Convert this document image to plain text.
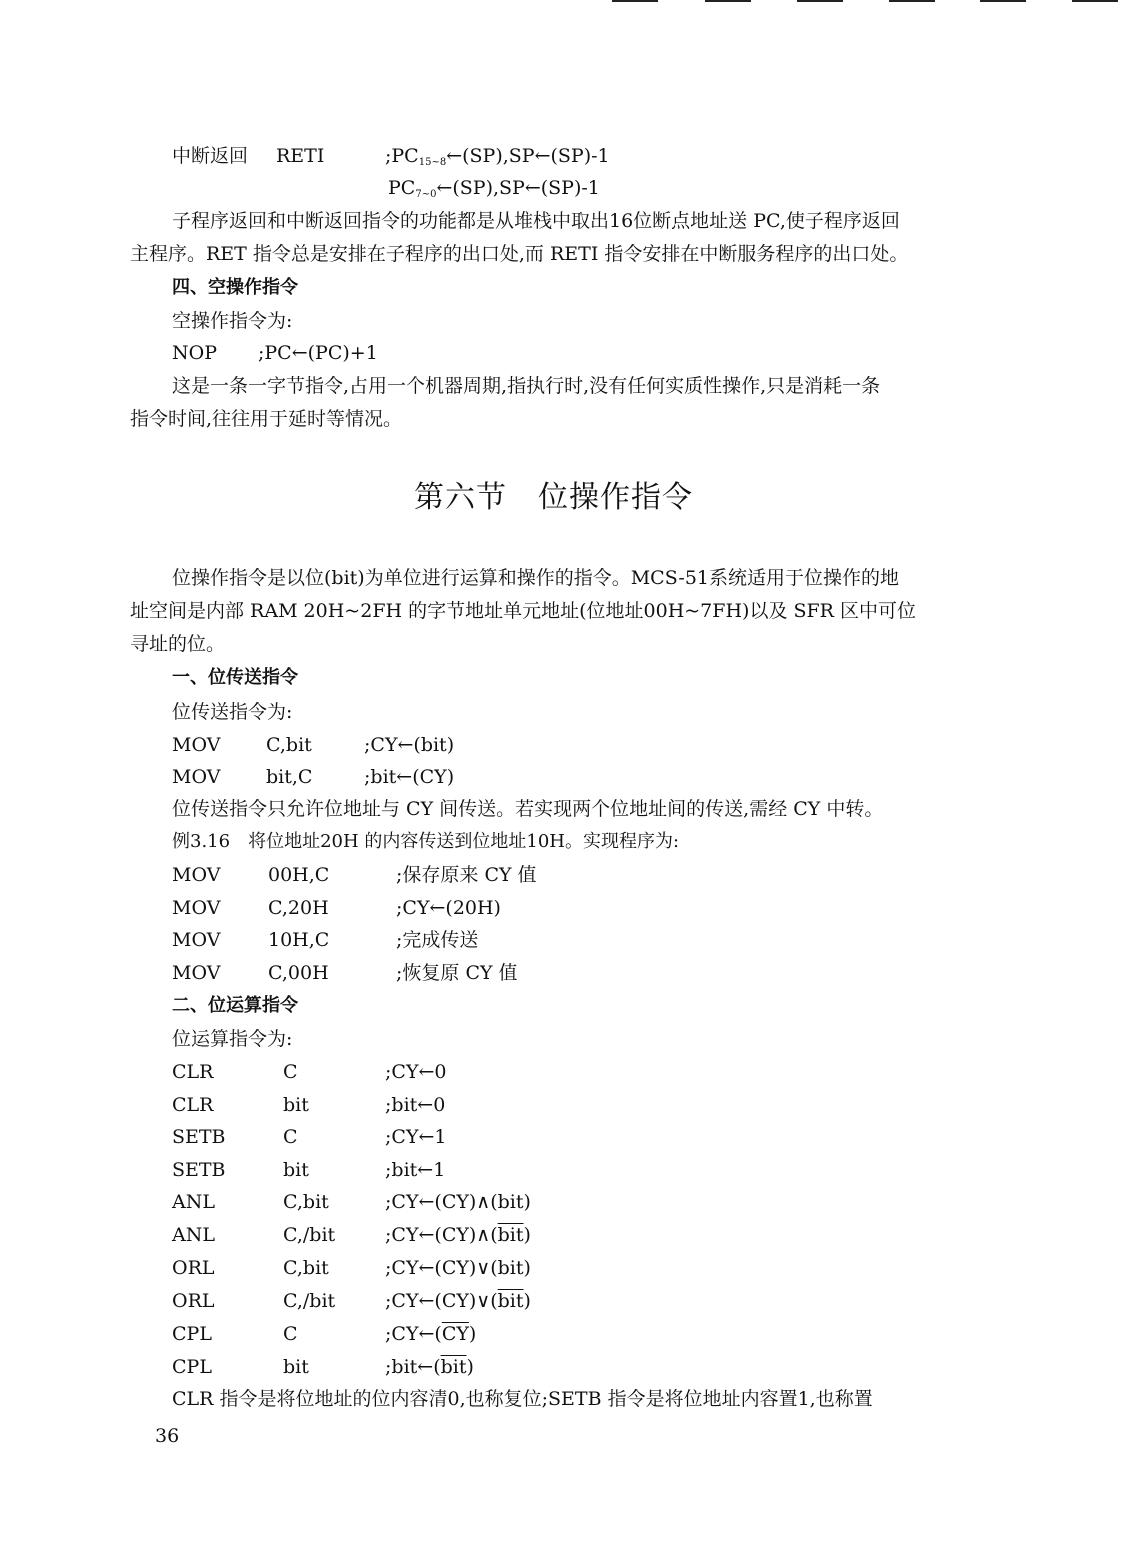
中断返回 RETI	$;PC_{15\sim 8}\leftarrow(SP),SP\leftarrow(SP)-1$
$PC_{7\sim 0}\leftarrow(SP),SP\leftarrow(SP)-1$
子程序返回和中断返回指令的功能都是从堆栈中取出16位断点地址送 PC,使子程序返回
主程序。RET 指令总是安排在子程序的出口处,而 RETI 指令安排在中断服务程序的出口处。
四、空操作指令
空操作指令为:
NOP ;PC←(PC)+1
这是一条一字节指令,占用一个机器周期,指执行时,没有任何实质性操作,只是消耗一条
指令时间,往往用于延时等情况。
第六节　位操作指令
位操作指令是以位(bit)为单位进行运算和操作的指令。MCS-51系统适用于位操作的地
址空间是内部 RAM 20H~2FH 的字节地址单元地址(位地址00H~7FH)以及 SFR 区中可位
寻址的位。
一、位传送指令
位传送指令为:
MOV C,bit	;CY←(bit)
MOV bit,C	;bit←(CY)
位传送指令只允许位地址与 CY 间传送。若实现两个位地址间的传送,需经 CY 中转。
例3.16　将位地址20H 的内容传送到位地址10H。实现程序为:
MOV	00H,C	;保存原来 CY 值
MOV	C,20H	;CY←(20H)
MOV	10H,C	;完成传送
MOV	C,00H	;恢复原 CY 值
二、位运算指令
位运算指令为:
CLR	C	;CY←0
CLR	bit	;bit←0
SETB	C	;CY←1
SETB	bit	;bit←1
ANL	C,bit	;CY←(CY)∧(bit)
ANL	C,/bit	$;CY\leftarrow(CY)\wedge(\overline{bit})$
ORL	C,bit	;CY←(CY)∨(bit)
ORL	C,/bit	$;CY\leftarrow(CY)\vee(\overline{bit})$
CPL	C	$;CY\leftarrow(\overline{CY})$
CPL	bit	$;bit\leftarrow(\overline{bit})$
CLR 指令是将位地址的位内容清0,也称复位;SETB 指令是将位地址内容置1,也称置
36
